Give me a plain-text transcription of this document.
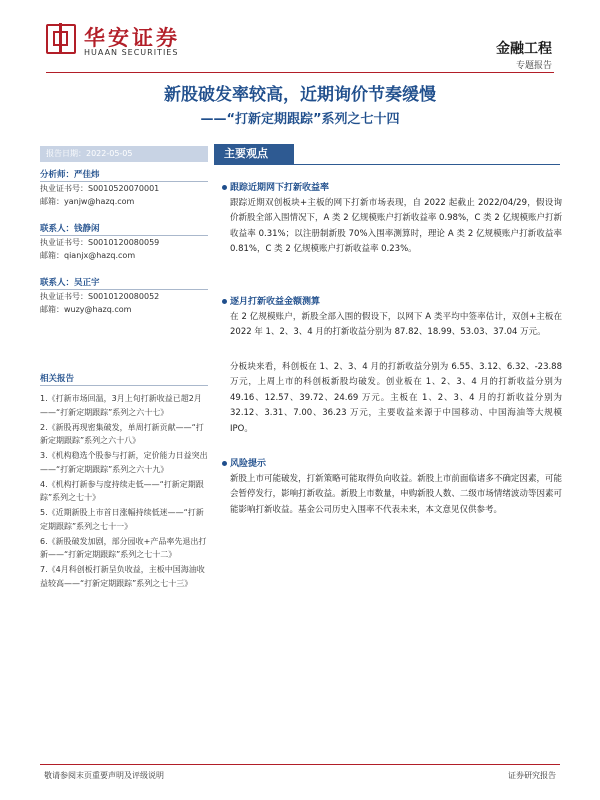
华安证券
HUAAN SECURITIES	金融工程
专题报告
新股破发率较高，近期询价节奏缓慢
——“打新定期跟踪”系列之七十四
报告日期：2022-05-05	主要观点
分析师：严佳炜
执业证书号：S0010520070001
邮箱：yanjw@hazq.com
联系人：钱静闲
执业证书号：S0010120080059
邮箱：qianjx@hazq.com
联系人：吴正宇
执业证书号：S0010120080052
邮箱：wuzy@hazq.com
相关报告
1.《打新市场回温，3月上旬打新收益已超2月——“打新定期跟踪”系列之六十七》
2.《新股再现密集破发，单周打新贡献——“打新定期跟踪”系列之六十八》
3.《机构稳选个股参与打新，定价能力日益突出——“打新定期跟踪”系列之六十九》
4.《机构打新参与度持续走低——“打新定期跟踪”系列之七十》
5.《近期新股上市首日涨幅持续低迷——“打新定期跟踪”系列之七十一》
6.《新股破发加剧，部分园收+产品率先退出打新——“打新定期跟踪”系列之七十二》
7.《4月科创板打新呈负收益，主板中国海油收益较高——“打新定期跟踪”系列之七十三》
跟踪近期网下打新收益率
跟踪近期双创板块+主板的网下打新市场表现，自 2022 起截止 2022/04/29，假设询价新股全部入围情况下，A 类 2 亿规模账户打新收益率 0.98%，C 类 2 亿规模账户打新收益率 0.31%；以注册制新股 70%入围率测算时，理论 A 类 2 亿规模账户打新收益率 0.81%，C 类 2 亿规模账户打新收益率 0.23%。
逐月打新收益金额测算
在 2 亿规模账户，新股全部入围的假设下，以网下 A 类平均中签率估计，双创+主板在 2022 年 1、2、3、4 月的打新收益分别为 87.82、18.99、53.03、37.04 万元。
分板块来看，科创板在 1、2、3、4 月的打新收益分别为 6.55、3.12、6.32、-23.88 万元，上周上市的科创板新股均破发。创业板在 1、2、3、4 月的打新收益分别为 49.16、12.57、39.72、24.69 万元。主板在 1、2、3、4 月的打新收益分别为 32.12、3.31、7.00、36.23 万元，主要收益来源于中国移动、中国海油等大规模 IPO。
风险提示
新股上市可能破发，打新策略可能取得负向收益。新股上市前面临诸多不确定因素，可能会暂停发行，影响打新收益。新股上市数量，申购新股人数、二级市场情绪波动等因素可能影响打新收益。基金公司历史入围率不代表未来，本文意见仅供参考。
敬请参阅末页重要声明及评级说明	证券研究报告
